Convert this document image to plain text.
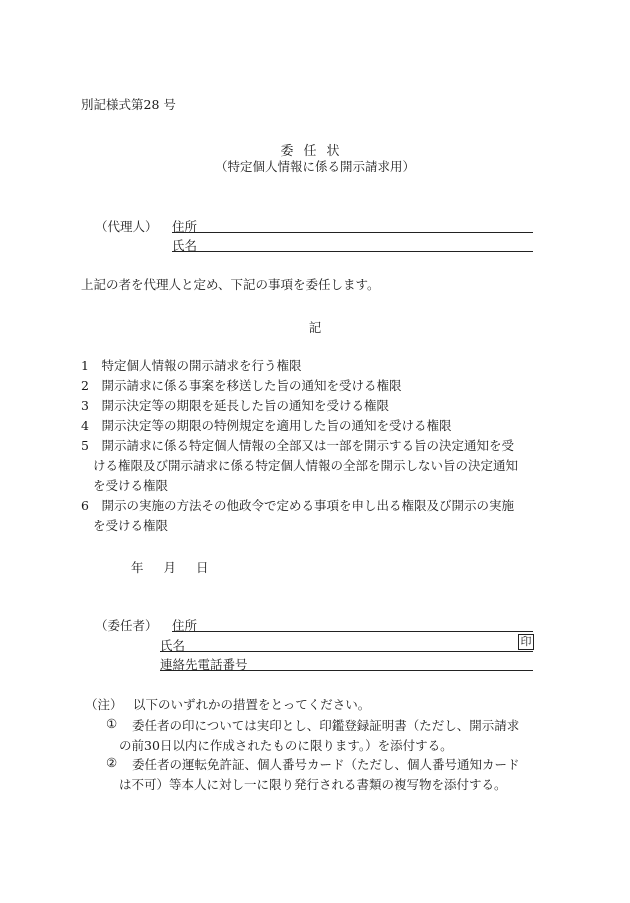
別記様式第28 号
委任状
（特定個人情報に係る開示請求用）
（代理人） 住所
氏名
上記の者を代理人と定め、下記の事項を委任します。
記
1　特定個人情報の開示請求を行う権限
2　開示請求に係る事案を移送した旨の通知を受ける権限
3　開示決定等の期限を延長した旨の通知を受ける権限
4　開示決定等の期限の特例規定を適用した旨の通知を受ける権限
5　開示請求に係る特定個人情報の全部又は一部を開示する旨の決定通知を受
ける権限及び開示請求に係る特定個人情報の全部を開示しない旨の決定通知
を受ける権限
6　開示の実施の方法その他政令で定める事項を申し出る権限及び開示の実施
を受ける権限
年 月 日
（委任者） 住所
氏名	印
連絡先電話番号
（注） 以下のいずれかの措置をとってください。
① 委任者の印については実印とし、印鑑登録証明書（ただし、開示請求
の前30日以内に作成されたものに限ります。）を添付する。
② 委任者の運転免許証、個人番号カード（ただし、個人番号通知カード
は不可）等本人に対し一に限り発行される書類の複写物を添付する。
